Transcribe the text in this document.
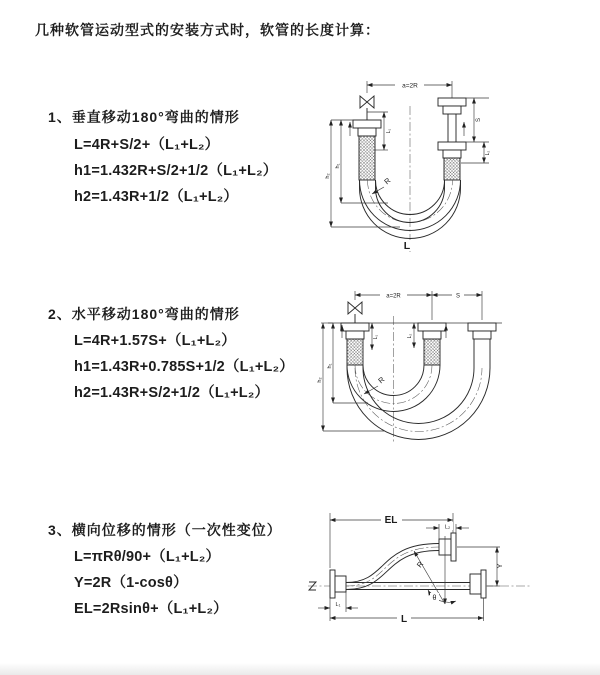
几种软管运动型式的安装方式时，软管的长度计算：
1、垂直移动180°弯曲的情形
L=4R+S/2+（L₁+L₂）
h1=1.432R+S/2+1/2（L₁+L₂）
h2=1.43R+1/2（L₁+L₂）
2、水平移动180°弯曲的情形
L=4R+1.57S+（L₁+L₂）
h1=1.43R+0.785S+1/2（L₁+L₂）
h2=1.43R+S/2+1/2（L₁+L₂）
3、横向位移的情形（一次性变位）
L=πRθ/90+（L₁+L₂）
Y=2R（1-cosθ）
EL=2Rsinθ+（L₁+L₂）
a=2R
h₁
h₂
L₁
S
L₂
R
L
a=2R	S
h₁
h₂
L₁	L₂
R
EL
L₂
Y
θ
R
L₁
L
